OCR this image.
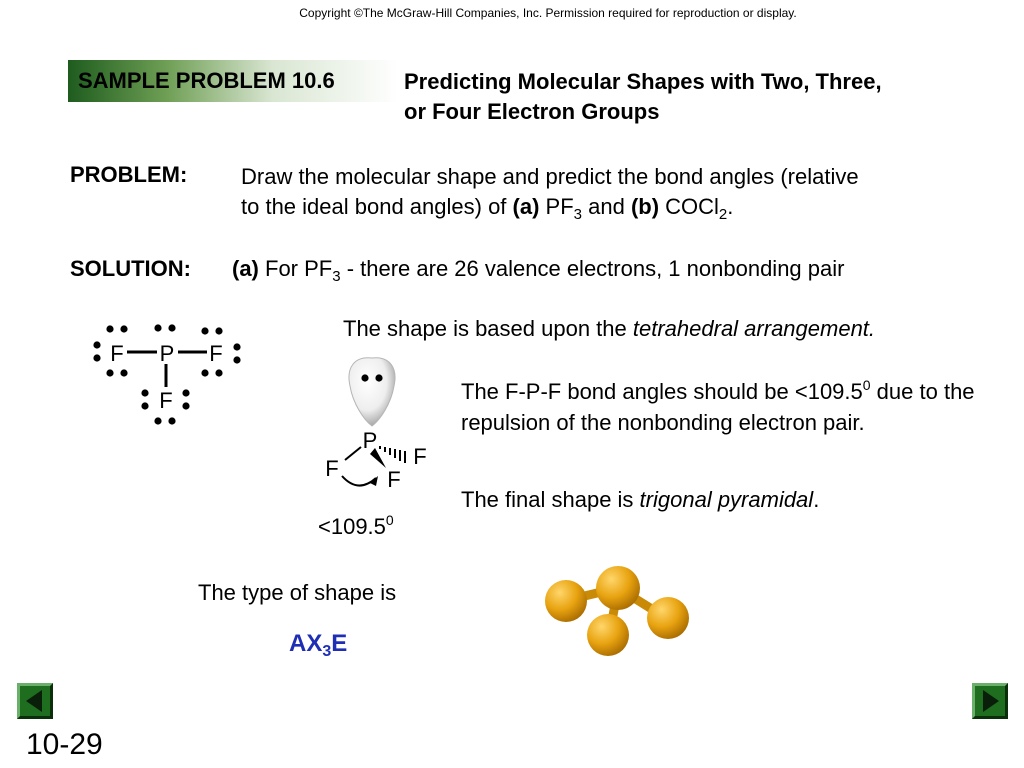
Copyright ©The McGraw-Hill Companies, Inc. Permission required for reproduction or display.
SAMPLE PROBLEM 10.6	Predicting Molecular Shapes with Two, Three,
or Four Electron Groups
PROBLEM: Draw the molecular shape and predict the bond angles (relative
to the ideal bond angles) of (a) $PF_3$ and (b) COCl$_2$.
SOLUTION: (a) For $PF_3$ - there are 26 valence electrons, 1 nonbonding pair
F P F
F
The shape is based upon the tetrahedral arrangement.
P
F	F
F
$<109.5^0$
The F-P-F bond angles should be $<109.5^0$ due to the repulsion of the nonbonding electron pair.
The final shape is trigonal pyramidal.
The type of shape is
$AX_3E$
10-29
